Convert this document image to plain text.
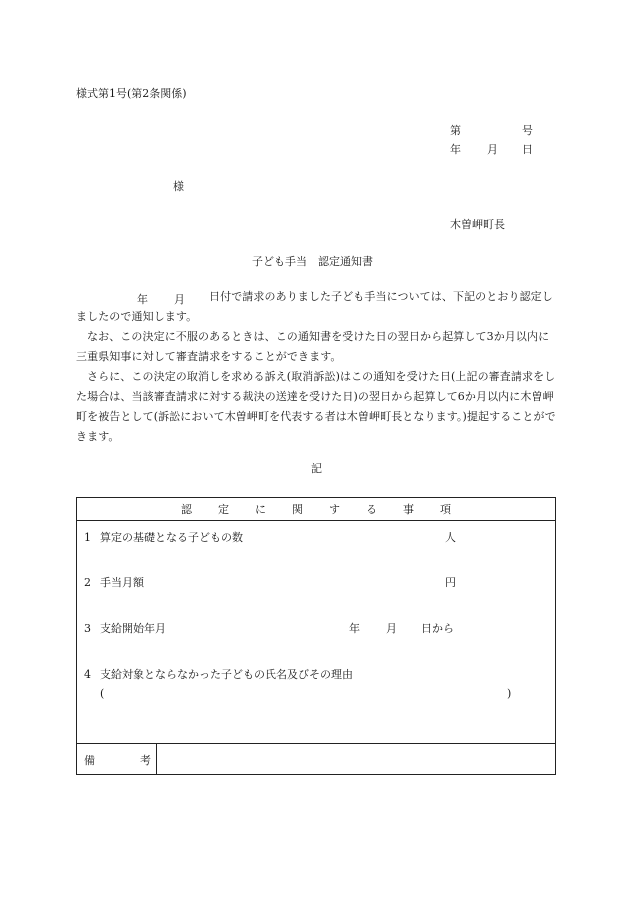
様式第1号(第2条関係)
第	号
年 月 日
様
木曽岬町長
子ども手当　認定通知書
年 月	日付で請求のありました子ども手当については、下記のとおり認定しましたので通知します。

なお、この決定に不服のあるときは、この通知書を受けた日の翌日から起算して3か月以内に三重県知事に対して審査請求をすることができます。

さらに、この決定の取消しを求める訴え(取消訴訟)はこの通知を受けた日(上記の審査請求をした場合は、当該審査請求に対する裁決の送達を受けた日)の翌日から起算して6か月以内に木曽岬町を被告として(訴訟において木曽岬町を代表する者は木曽岬町長となります。)提起することができます。

記
認 定 に 関 す る 事 項
1 算定の基礎となる子どもの数	人
2 手当月額	円
3 支給開始年月	年 月 日から
4 支給対象とならなかった子どもの氏名及びその理由
(	)
備	考
